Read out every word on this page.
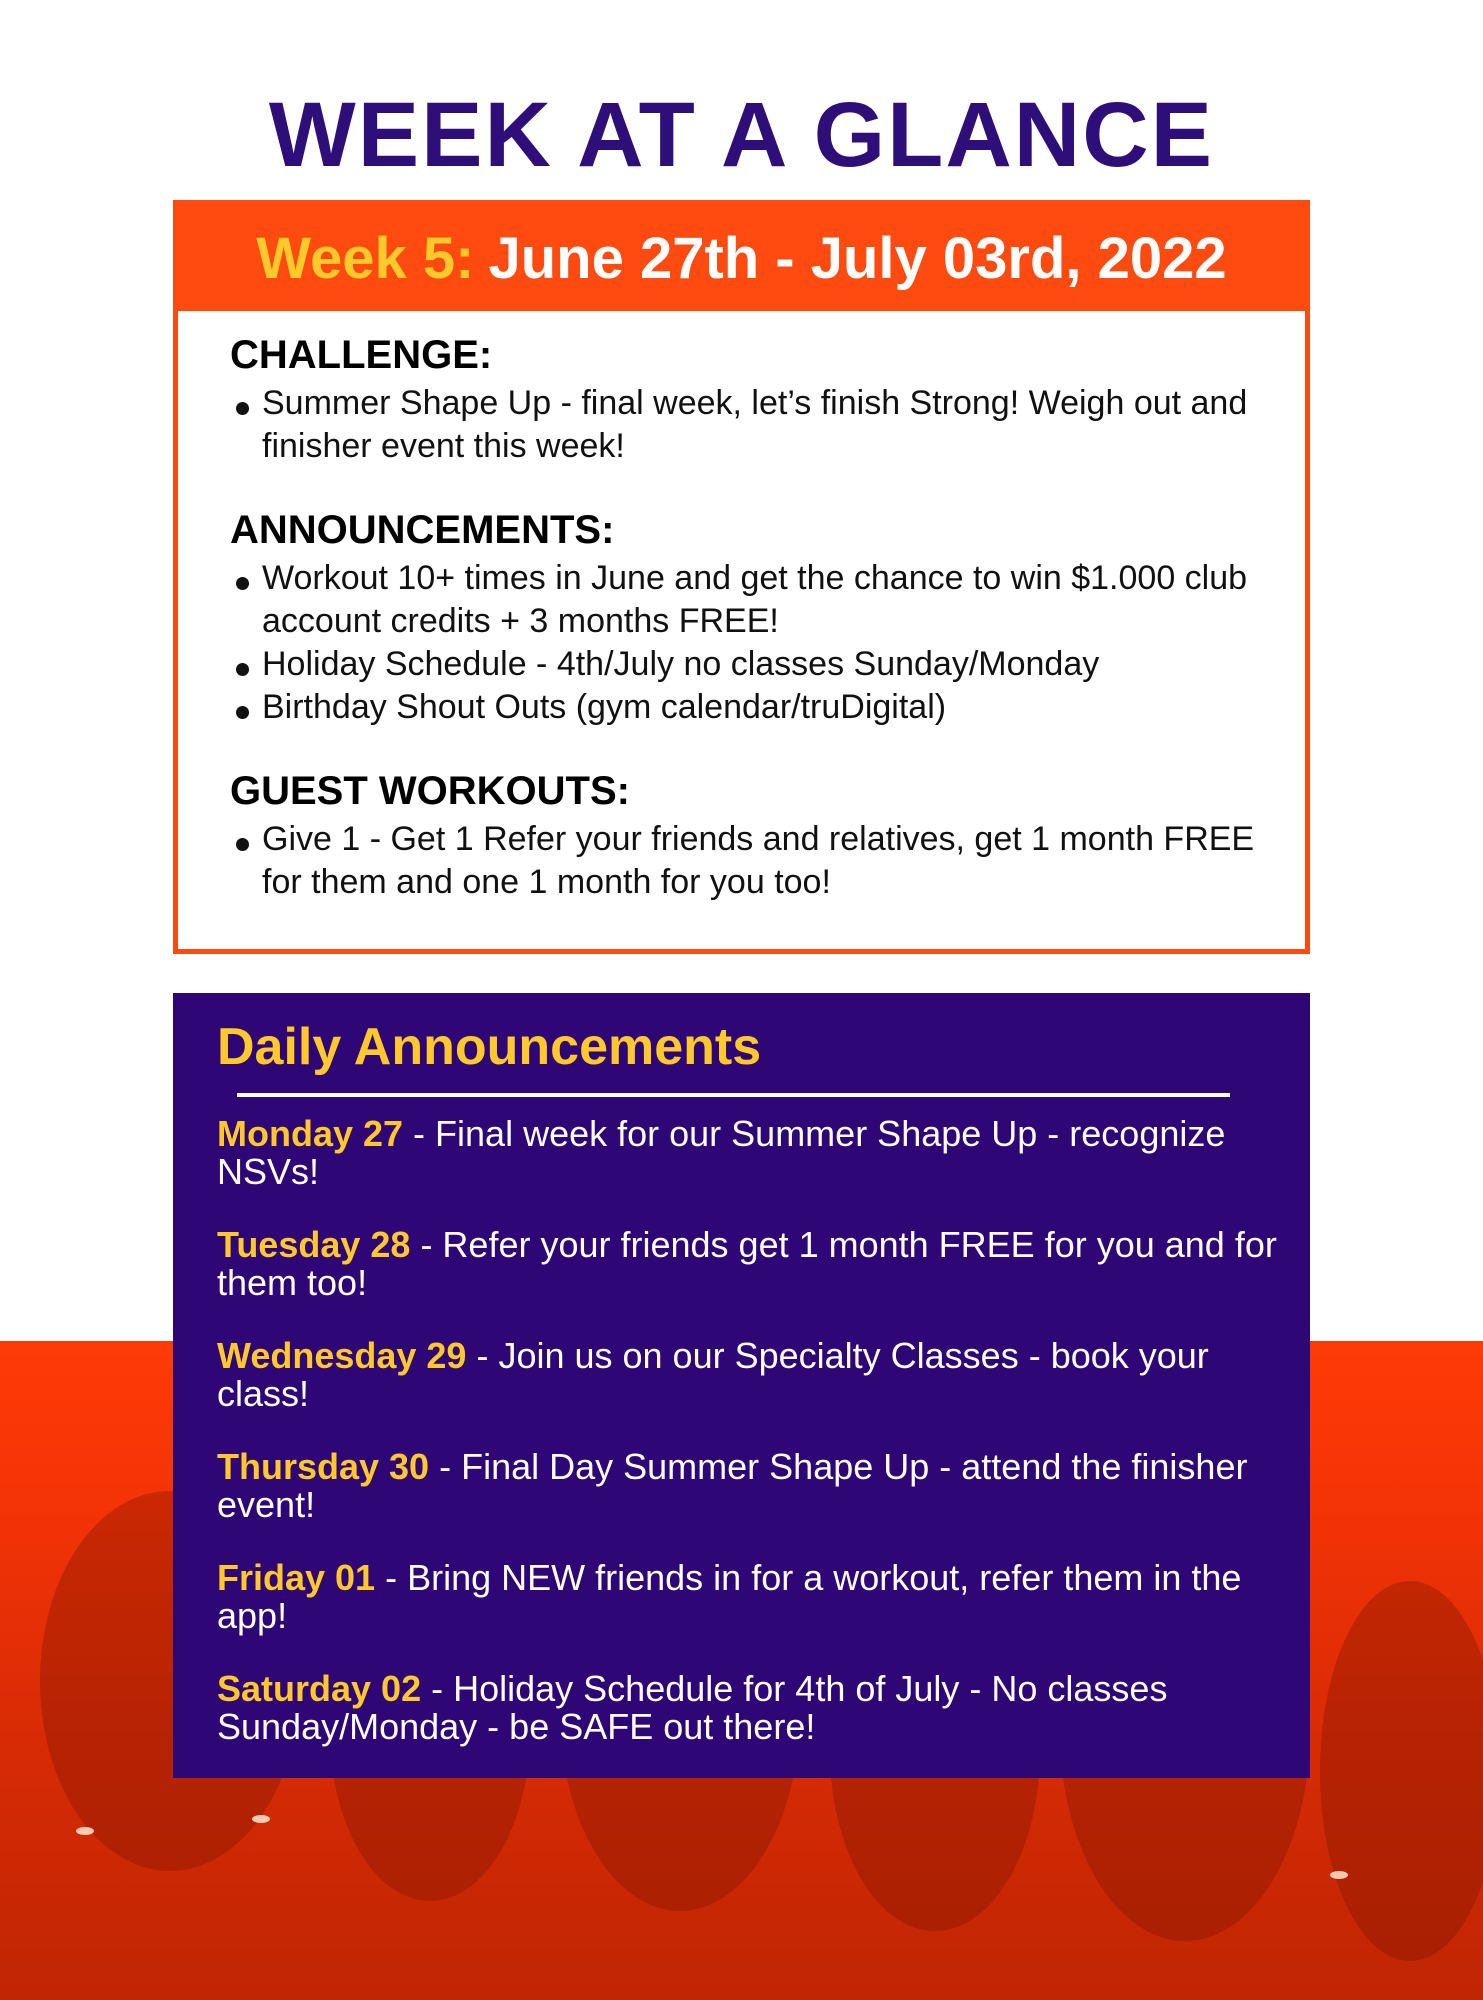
WEEK AT A GLANCE
Week 5: June 27th - July 03rd, 2022
CHALLENGE:
Summer Shape Up - final week, let’s finish Strong! Weigh out and finisher event this week!
ANNOUNCEMENTS:
Workout 10+ times in June and get the chance to win $1.000 club account credits + 3 months FREE!
Holiday Schedule - 4th/July no classes Sunday/Monday
Birthday Shout Outs (gym calendar/truDigital)
GUEST WORKOUTS:
Give 1 - Get 1 Refer your friends and relatives, get 1 month FREE for them and one 1 month for you too!
Daily Announcements
Monday 27 - Final week for our Summer Shape Up - recognize NSVs!
Tuesday 28 - Refer your friends get 1 month FREE for you and for them too!
Wednesday 29 - Join us on our Specialty Classes - book your class!
Thursday 30 - Final Day Summer Shape Up - attend the finisher event!
Friday 01 - Bring NEW friends in for a workout, refer them in the app!
Saturday 02 - Holiday Schedule for 4th of July - No classes Sunday/Monday - be SAFE out there!
